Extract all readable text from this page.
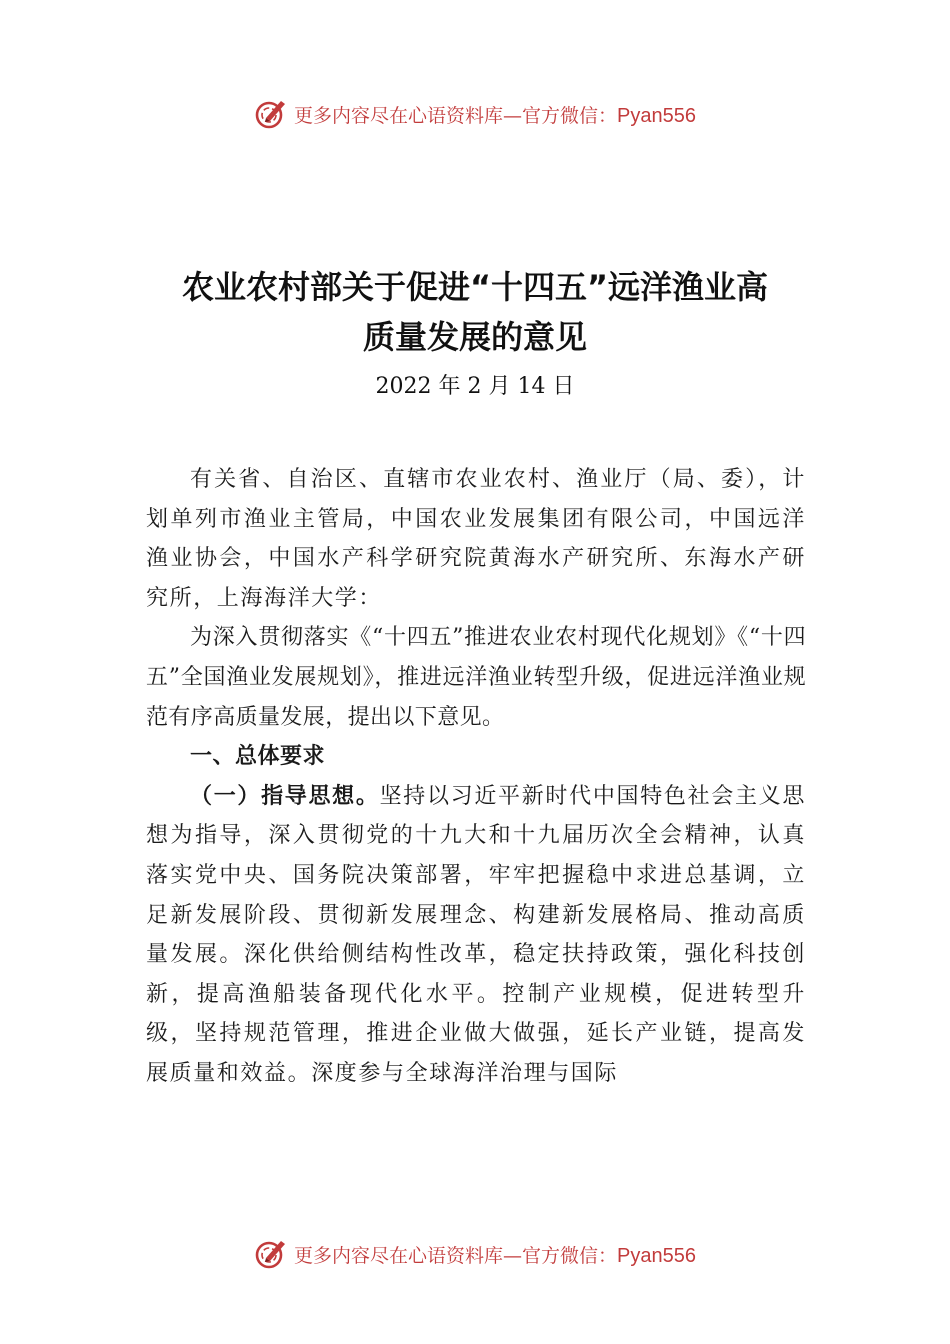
更多内容尽在心语资料库—官方微信：Pyan556
农业农村部关于促进“十四五”远洋渔业高
质量发展的意见
2022 年 2 月 14 日

有关省、自治区、直辖市农业农村、渔业厅（局、委），计划单列市渔业主管局，中国农业发展集团有限公司，中国远洋渔业协会，中国水产科学研究院黄海水产研究所、东海水产研究所，上海海洋大学：

为深入贯彻落实《“十四五”推进农业农村现代化规划》《“十四五”全国渔业发展规划》，推进远洋渔业转型升级，促进远洋渔业规范有序高质量发展，提出以下意见。

一、总体要求

（一）指导思想。坚持以习近平新时代中国特色社会主义思想为指导，深入贯彻党的十九大和十九届历次全会精神，认真落实党中央、国务院决策部署，牢牢把握稳中求进总基调，立足新发展阶段、贯彻新发展理念、构建新发展格局、推动高质量发展。深化供给侧结构性改革，稳定扶持政策，强化科技创新，提高渔船装备现代化水平。控制产业规模，促进转型升级，坚持规范管理，推进企业做大做强，延长产业链，提高发展质量和效益。深度参与全球海洋治理与国际

更多内容尽在心语资料库—官方微信：Pyan556
